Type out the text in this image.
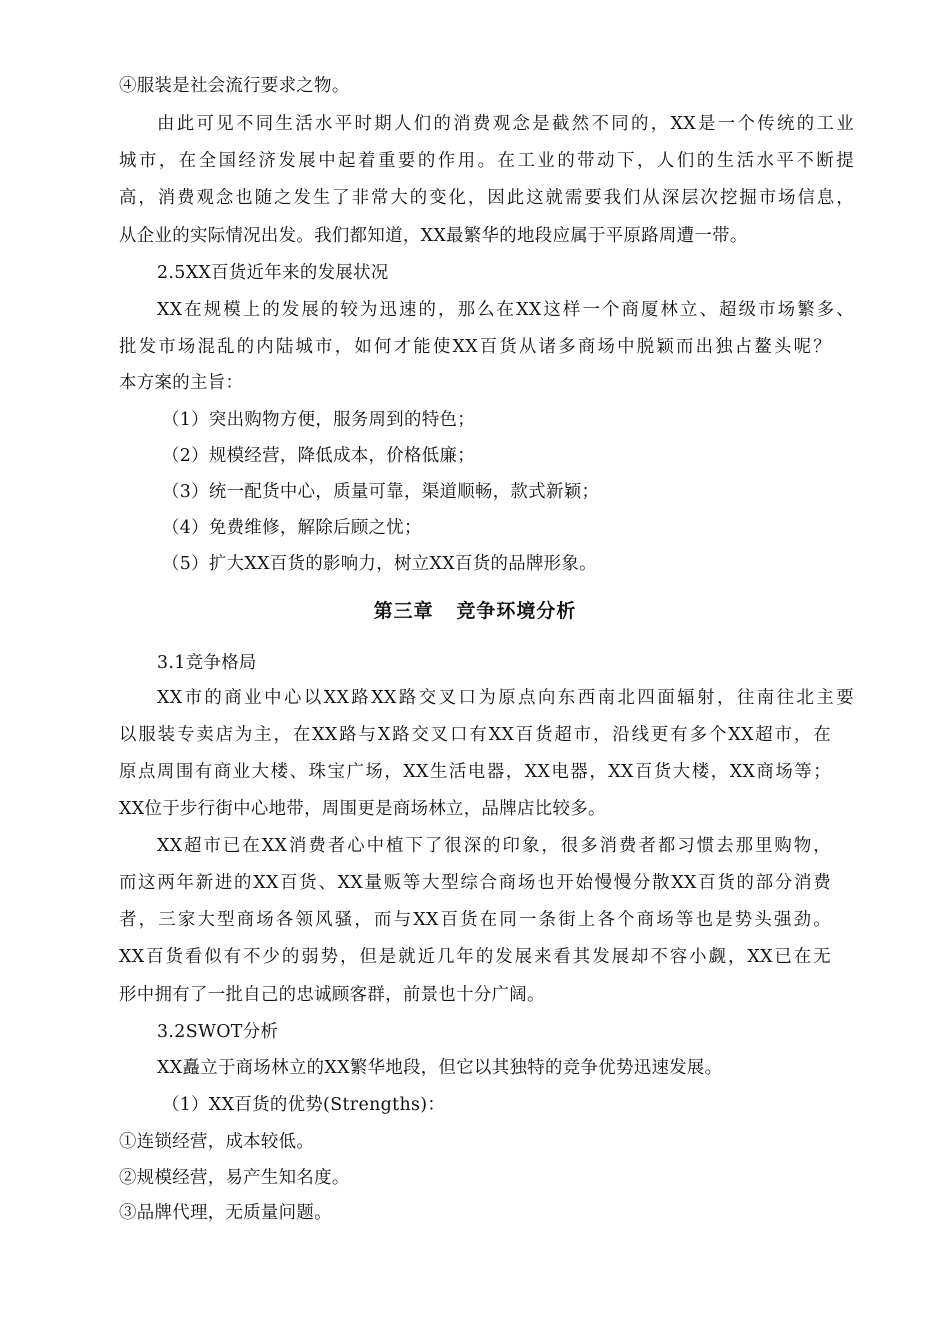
④服装是社会流行要求之物。
由此可见不同生活水平时期人们的消费观念是截然不同的，XX是一个传统的工业
城市，在全国经济发展中起着重要的作用。在工业的带动下，人们的生活水平不断提
高，消费观念也随之发生了非常大的变化，因此这就需要我们从深层次挖掘市场信息，
从企业的实际情况出发。我们都知道，XX最繁华的地段应属于平原路周遭一带。
2.5XX百货近年来的发展状况
XX在规模上的发展的较为迅速的，那么在XX这样一个商厦林立、超级市场繁多、
批发市场混乱的内陆城市，如何才能使XX百货从诸多商场中脱颖而出独占鳌头呢？
本方案的主旨：
（1）突出购物方便，服务周到的特色；
（2）规模经营，降低成本，价格低廉；
（3）统一配货中心，质量可靠，渠道顺畅，款式新颖；
（4）免费维修，解除后顾之忧；
（5）扩大XX百货的影响力，树立XX百货的品牌形象。
第三章   竞争环境分析
3.1竞争格局
XX市的商业中心以XX路XX路交叉口为原点向东西南北四面辐射，往南往北主要
以服装专卖店为主，在XX路与X路交叉口有XX百货超市，沿线更有多个XX超市，在
原点周围有商业大楼、珠宝广场，XX生活电器，XX电器，XX百货大楼，XX商场等；
XX位于步行街中心地带，周围更是商场林立，品牌店比较多。
XX超市已在XX消费者心中植下了很深的印象，很多消费者都习惯去那里购物，
而这两年新进的XX百货、XX量贩等大型综合商场也开始慢慢分散XX百货的部分消费
者，三家大型商场各领风骚，而与XX百货在同一条街上各个商场等也是势头强劲。
XX百货看似有不少的弱势，但是就近几年的发展来看其发展却不容小觑，XX已在无
形中拥有了一批自己的忠诚顾客群，前景也十分广阔。
3.2SWOT分析
XX矗立于商场林立的XX繁华地段，但它以其独特的竞争优势迅速发展。
（1）XX百货的优势(Strengths)：
①连锁经营，成本较低。
②规模经营，易产生知名度。
③品牌代理，无质量问题。
